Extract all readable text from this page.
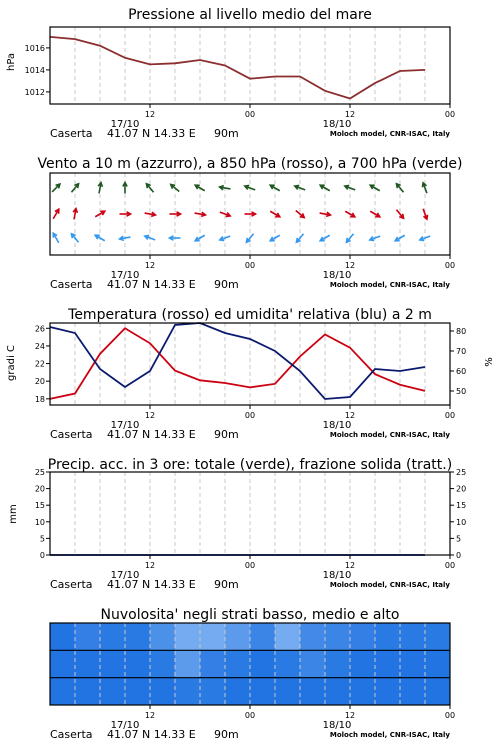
Pressione al livello medio del mare
hPa
1016
1014
1012
12	00	12	00
17/10	18/10
Caserta 41.07 N 14.33 E 90m	Moloch model, CNR-ISAC, Italy
Vento a 10 m (azzurro), a 850 hPa (rosso), a 700 hPa (verde)
12	00	12	00
17/10	18/10
Caserta 41.07 N 14.33 E 90m	Moloch model, CNR-ISAC, Italy
Temperatura (rosso) ed umidita' relativa (blu) a 2 m
gradi C	%
26
24
22
20
18
80
70
60
50
12	00	12	00
17/10	18/10
Caserta 41.07 N 14.33 E 90m	Moloch model, CNR-ISAC, Italy
Precip. acc. in 3 ore: totale (verde), frazione solida (tratt.)
mm
25
20
15
10
5
0
25
20
15
10
5
0
12	00	12	00
17/10	18/10
Caserta 41.07 N 14.33 E 90m	Moloch model, CNR-ISAC, Italy
Nuvolosita' negli strati basso, medio e alto
12	00	12	00
17/10	18/10
Caserta 41.07 N 14.33 E 90m	Moloch model, CNR-ISAC, Italy
